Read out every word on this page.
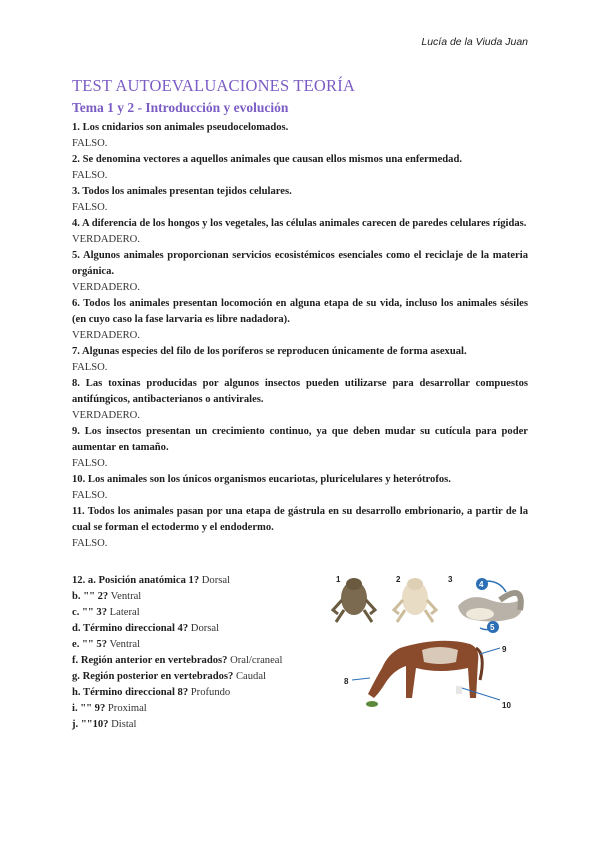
Lucía de la Viuda Juan
TEST AUTOEVALUACIONES TEORÍA
Tema 1 y 2 - Introducción y evolución

1. Los cnidarios son animales pseudocelomados.

FALSO.

2. Se denomina vectores a aquellos animales que causan ellos mismos una enfermedad.

FALSO.

3. Todos los animales presentan tejidos celulares.

FALSO.

4. A diferencia de los hongos y los vegetales, las células animales carecen de paredes celulares rígidas.

VERDADERO.

5. Algunos animales proporcionan servicios ecosistémicos esenciales como el reciclaje de la materia orgánica.

VERDADERO.

6. Todos los animales presentan locomoción en alguna etapa de su vida, incluso los animales sésiles (en cuyo caso la fase larvaria es libre nadadora).

VERDADERO.

7. Algunas especies del filo de los poríferos se reproducen únicamente de forma asexual.

FALSO.

8. Las toxinas producidas por algunos insectos pueden utilizarse para desarrollar compuestos antifúngicos, antibacterianos o antivirales.

VERDADERO.

9. Los insectos presentan un crecimiento continuo, ya que deben mudar su cutícula para poder aumentar en tamaño.

FALSO.

10. Los animales son los únicos organismos eucariotas, pluricelulares y heterótrofos.

FALSO.

11. Todos los animales pasan por una etapa de gástrula en su desarrollo embrionario, a partir de la cual se forman el ectodermo y el endodermo.

FALSO.

12. a. Posición anatómica 1? Dorsal

b. "" 2? Ventral

c. "" 3? Lateral

d. Término direccional 4? Dorsal

e. "" 5? Ventral

f. Región anterior en vertebrados? Oral/craneal

g. Región posterior en vertebrados? Caudal

h. Término direccional 8? Profundo

i. "" 9? Proximal

j. ""10? Distal

1	2	3
4
5
8
9
10
